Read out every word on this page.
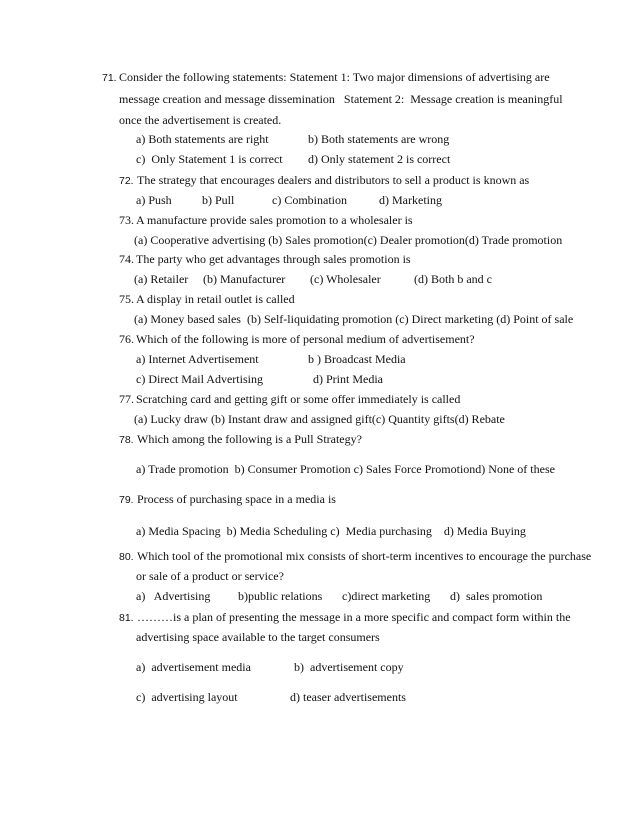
71. Consider the following statements: Statement 1: Two major dimensions of advertising are
message creation and message dissemination   Statement 2:  Message creation is meaningful
once the advertisement is created.
a) Both statements are right	b) Both statements are wrong
c)  Only Statement 1 is correct d) Only statement 2 is correct
72. The strategy that encourages dealers and distributors to sell a product is known as
a) Push	b) Pull	c) Combination	d) Marketing
73. A manufacture provide sales promotion to a wholesaler is
(a) Cooperative advertising (b) Sales promotion(c) Dealer promotion(d) Trade promotion
74. The party who get advantages through sales promotion is
(a) Retailer (b) Manufacturer (c) Wholesaler	(d) Both b and c
75. A display in retail outlet is called
(a) Money based sales  (b) Self-liquidating promotion (c) Direct marketing (d) Point of sale
76. Which of the following is more of personal medium of advertisement?
a) Internet Advertisement	b ) Broadcast Media
c) Direct Mail Advertising	d) Print Media
77. Scratching card and getting gift or some offer immediately is called
(a) Lucky draw (b) Instant draw and assigned gift(c) Quantity gifts(d) Rebate
78. Which among the following is a Pull Strategy?
a) Trade promotion  b) Consumer Promotion c) Sales Force Promotiond) None of these
79. Process of purchasing space in a media is
a) Media Spacing  b) Media Scheduling c)  Media purchasing    d) Media Buying
80. Which tool of the promotional mix consists of short-term incentives to encourage the purchase
or sale of a product or service?
a)   Advertising b)public relations c)direct marketing d)  sales promotion
81. ………is a plan of presenting the message in a more specific and compact form within the
advertising space available to the target consumers
a)  advertisement media	b)  advertisement copy
c)  advertising layout	d) teaser advertisements
